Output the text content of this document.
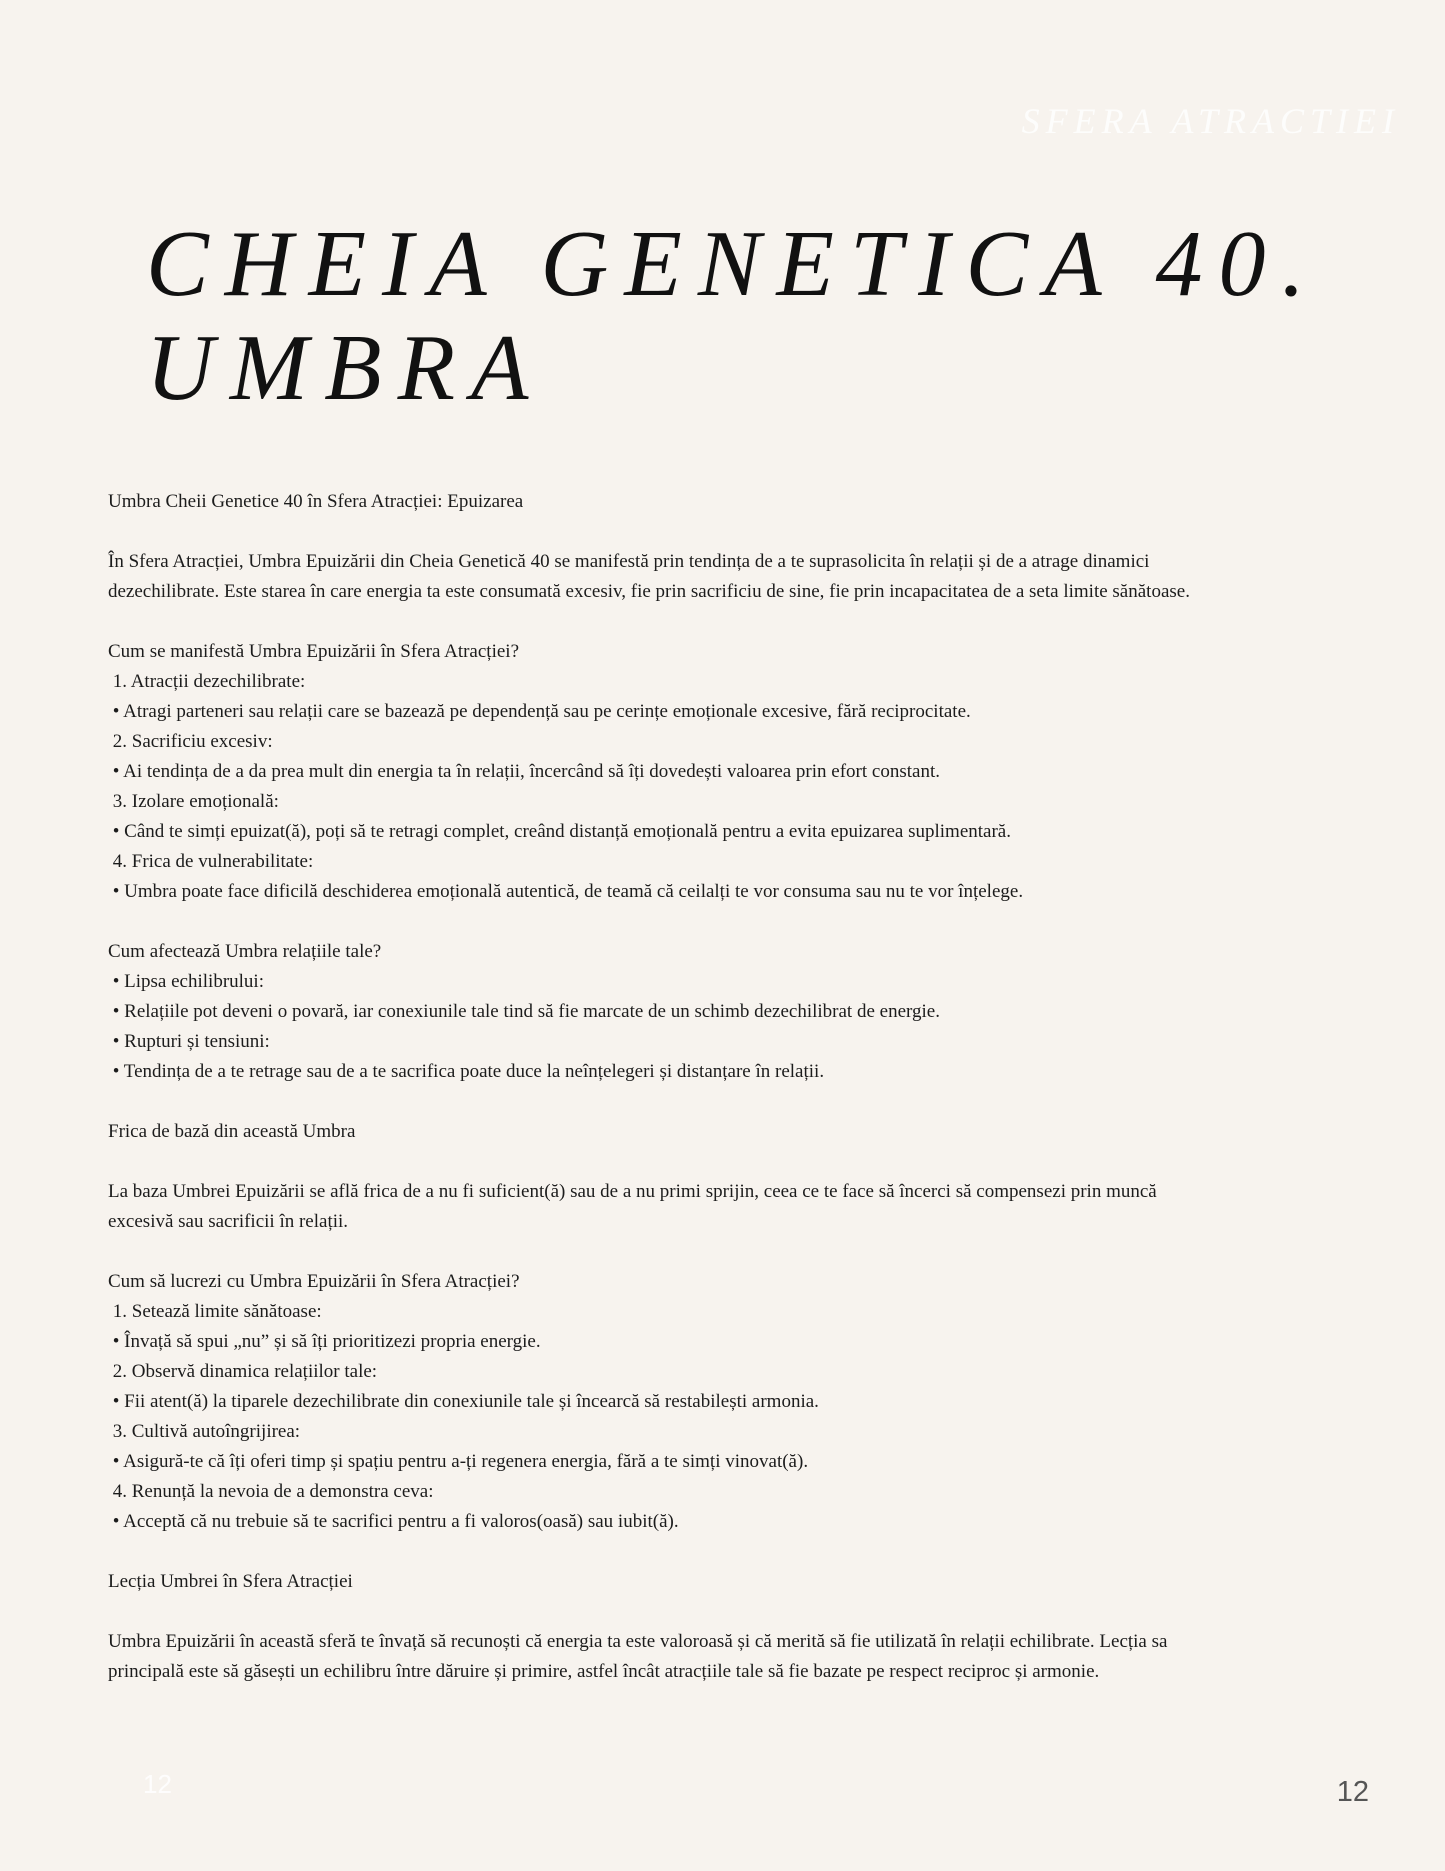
SFERA ATRACTIEI
CHEIA GENETICA 40.
UMBRA

Umbra Cheii Genetice 40 în Sfera Atracției: Epuizarea

În Sfera Atracției, Umbra Epuizării din Cheia Genetică 40 se manifestă prin tendința de a te suprasolicita în relații și de a atrage dinamici

dezechilibrate. Este starea în care energia ta este consumată excesiv, fie prin sacrificiu de sine, fie prin incapacitatea de a seta limite sănătoase.

Cum se manifestă Umbra Epuizării în Sfera Atracției?

1. Atracții dezechilibrate:

• Atragi parteneri sau relații care se bazează pe dependență sau pe cerințe emoționale excesive, fără reciprocitate.

2. Sacrificiu excesiv:

• Ai tendința de a da prea mult din energia ta în relații, încercând să îți dovedești valoarea prin efort constant.

3. Izolare emoțională:

• Când te simți epuizat(ă), poți să te retragi complet, creând distanță emoțională pentru a evita epuizarea suplimentară.

4. Frica de vulnerabilitate:

• Umbra poate face dificilă deschiderea emoțională autentică, de teamă că ceilalți te vor consuma sau nu te vor înțelege.

Cum afectează Umbra relațiile tale?

• Lipsa echilibrului:

• Relațiile pot deveni o povară, iar conexiunile tale tind să fie marcate de un schimb dezechilibrat de energie.

• Rupturi și tensiuni:

• Tendința de a te retrage sau de a te sacrifica poate duce la neînțelegeri și distanțare în relații.

Frica de bază din această Umbra

La baza Umbrei Epuizării se află frica de a nu fi suficient(ă) sau de a nu primi sprijin, ceea ce te face să încerci să compensezi prin muncă

excesivă sau sacrificii în relații.

Cum să lucrezi cu Umbra Epuizării în Sfera Atracției?

1. Setează limite sănătoase:

• Învață să spui „nu” și să îți prioritizezi propria energie.

2. Observă dinamica relațiilor tale:

• Fii atent(ă) la tiparele dezechilibrate din conexiunile tale și încearcă să restabilești armonia.

3. Cultivă autoîngrijirea:

• Asigură-te că îți oferi timp și spațiu pentru a-ți regenera energia, fără a te simți vinovat(ă).

4. Renunță la nevoia de a demonstra ceva:

• Acceptă că nu trebuie să te sacrifici pentru a fi valoros(oasă) sau iubit(ă).

Lecția Umbrei în Sfera Atracției

Umbra Epuizării în această sferă te învață să recunoști că energia ta este valoroasă și că merită să fie utilizată în relații echilibrate. Lecția sa

principală este să găsești un echilibru între dăruire și primire, astfel încât atracțiile tale să fie bazate pe respect reciproc și armonie.

12	12
